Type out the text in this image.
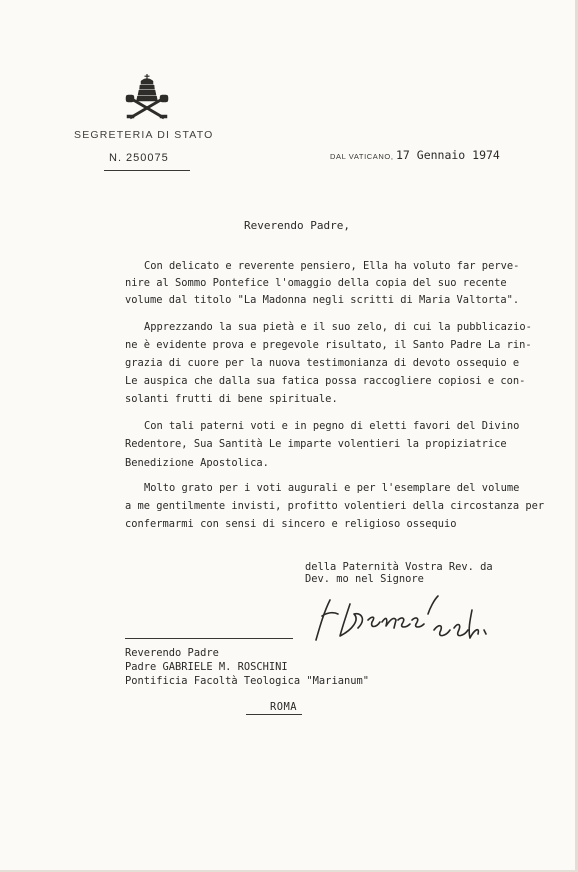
SEGRETERIA DI STATO
N. 250075	DAL VATICANO, 17 Gennaio 1974
Reverendo Padre,
Con delicato e reverente pensiero, Ella ha voluto far perve-
nire al Sommo Pontefice l'omaggio della copia del suo recente
volume dal titolo "La Madonna negli scritti di Maria Valtorta".
Apprezzando la sua pietà e il suo zelo, di cui la pubblicazio-
ne è evidente prova e pregevole risultato, il Santo Padre La rin-
grazia di cuore per la nuova testimonianza di devoto ossequio e
Le auspica che dalla sua fatica possa raccogliere copiosi e con-
solanti frutti di bene spirituale.
Con tali paterni voti e in pegno di eletti favori del Divino
Redentore, Sua Santità Le imparte volentieri la propiziatrice
Benedizione Apostolica.
Molto grato per i voti augurali e per l'esemplare del volume
a me gentilmente invisti, profitto volentieri della circostanza per
confermarmi con sensi di sincero e religioso ossequio
della Paternità Vostra Rev. da
Dev. mo nel Signore
Reverendo Padre
Padre GABRIELE M. ROSCHINI
Pontificia Facoltà Teologica "Marianum"
ROMA
